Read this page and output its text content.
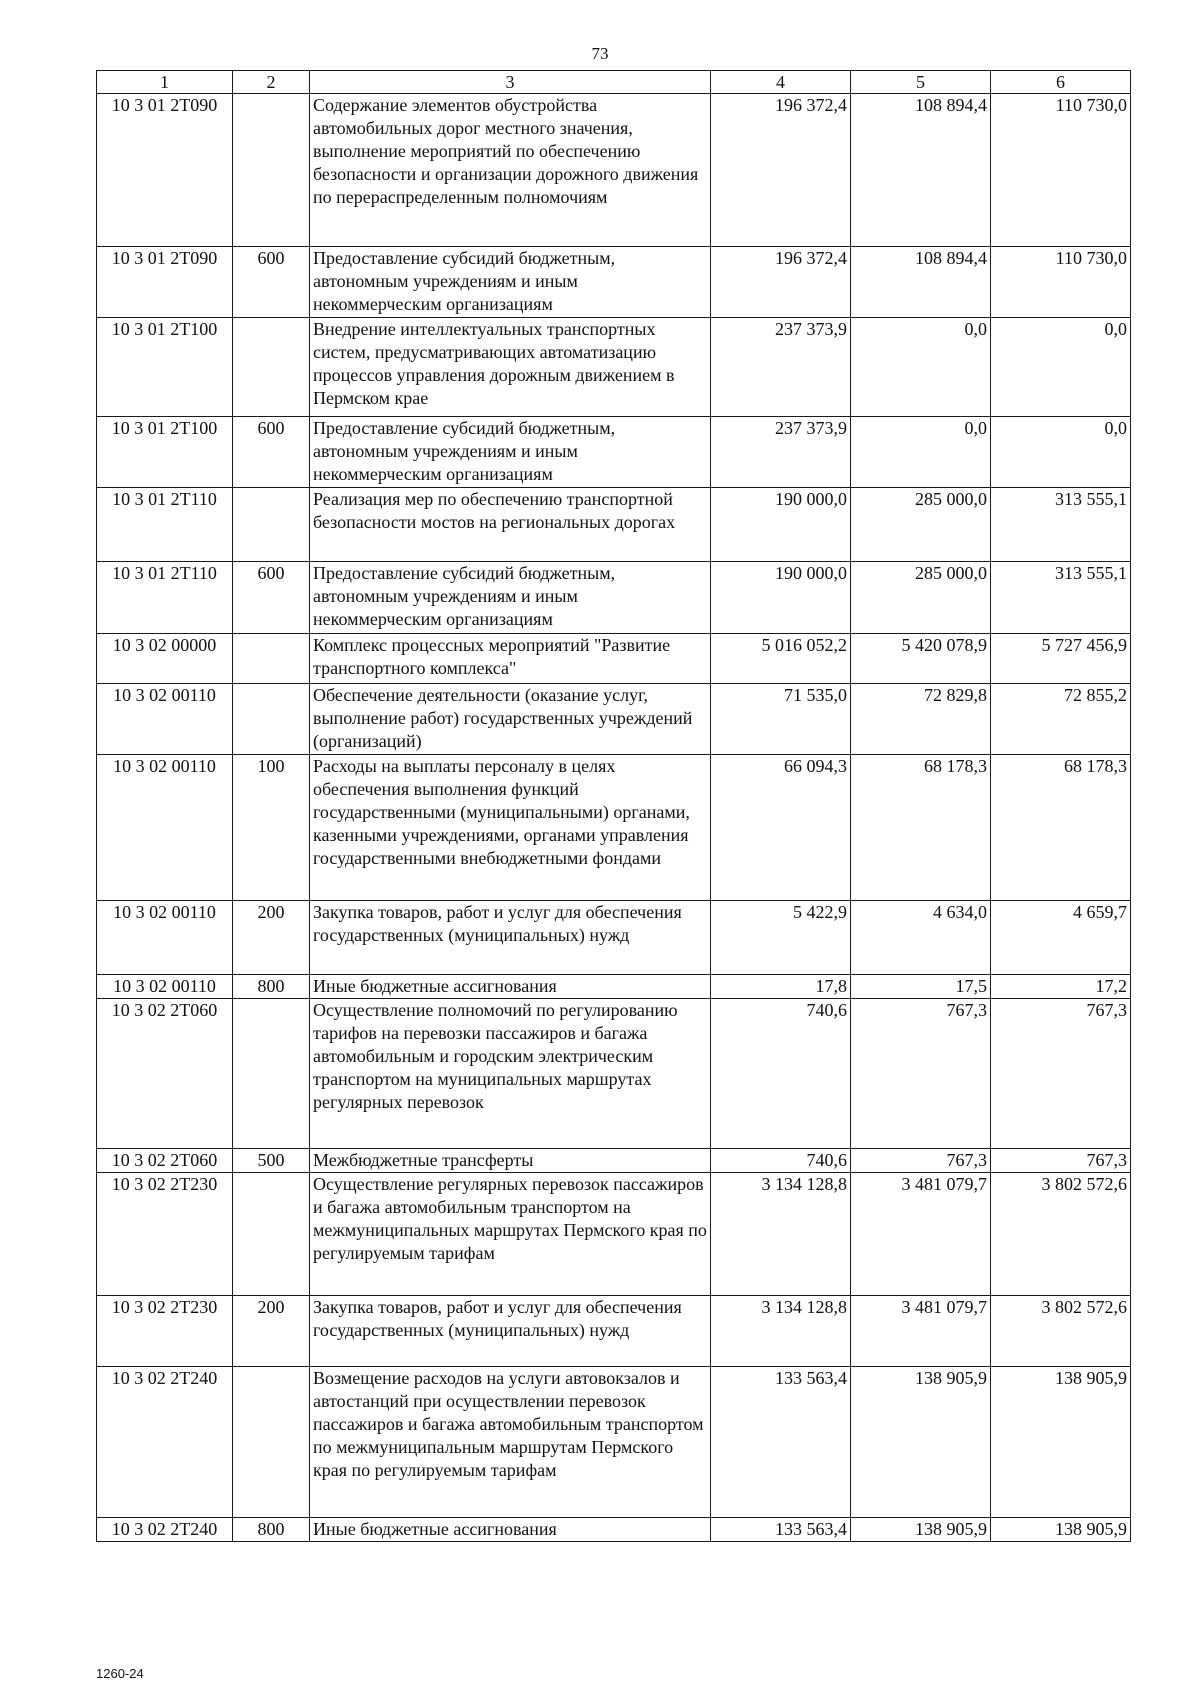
73
1	2	3	4	5	6
10 3 01 2Т090		Содержание элементов обустройства автомобильных дорог местного значения, выполнение мероприятий по обеспечению безопасности и организации дорожного движения по перераспределенным полномочиям	196 372,4	108 894,4	110 730,0
10 3 01 2Т090	600	Предоставление субсидий бюджетным, автономным учреждениям и иным некоммерческим организациям	196 372,4	108 894,4	110 730,0
10 3 01 2Т100		Внедрение интеллектуальных транспортных систем, предусматривающих автоматизацию процессов управления дорожным движением в Пермском крае	237 373,9	0,0	0,0
10 3 01 2Т100	600	Предоставление субсидий бюджетным, автономным учреждениям и иным некоммерческим организациям	237 373,9	0,0	0,0
10 3 01 2Т110		Реализация мер по обеспечению транспортной безопасности мостов на региональных дорогах	190 000,0	285 000,0	313 555,1
10 3 01 2Т110	600	Предоставление субсидий бюджетным, автономным учреждениям и иным некоммерческим организациям	190 000,0	285 000,0	313 555,1
10 3 02 00000		Комплекс процессных мероприятий "Развитие транспортного комплекса"	5 016 052,2	5 420 078,9	5 727 456,9
10 3 02 00110		Обеспечение деятельности (оказание услуг, выполнение работ) государственных учреждений (организаций)	71 535,0	72 829,8	72 855,2
10 3 02 00110	100	Расходы на выплаты персоналу в целях обеспечения выполнения функций государственными (муниципальными) органами, казенными учреждениями, органами управления государственными внебюджетными фондами	66 094,3	68 178,3	68 178,3
10 3 02 00110	200	Закупка товаров, работ и услуг для обеспечения государственных (муниципальных) нужд	5 422,9	4 634,0	4 659,7
10 3 02 00110	800	Иные бюджетные ассигнования	17,8	17,5	17,2
10 3 02 2Т060		Осуществление полномочий по регулированию тарифов на перевозки пассажиров и багажа автомобильным и городским электрическим транспортом на муниципальных маршрутах регулярных перевозок	740,6	767,3	767,3
10 3 02 2Т060	500	Межбюджетные трансферты	740,6	767,3	767,3
10 3 02 2Т230		Осуществление регулярных перевозок пассажиров и багажа автомобильным транспортом на межмуниципальных маршрутах Пермского края по регулируемым тарифам	3 134 128,8	3 481 079,7	3 802 572,6
10 3 02 2Т230	200	Закупка товаров, работ и услуг для обеспечения государственных (муниципальных) нужд	3 134 128,8	3 481 079,7	3 802 572,6
10 3 02 2Т240		Возмещение расходов на услуги автовокзалов и автостанций при осуществлении перевозок пассажиров и багажа автомобильным транспортом по межмуниципальным маршрутам Пермского края по регулируемым тарифам	133 563,4	138 905,9	138 905,9
10 3 02 2Т240	800	Иные бюджетные ассигнования	133 563,4	138 905,9	138 905,9
1260-24
